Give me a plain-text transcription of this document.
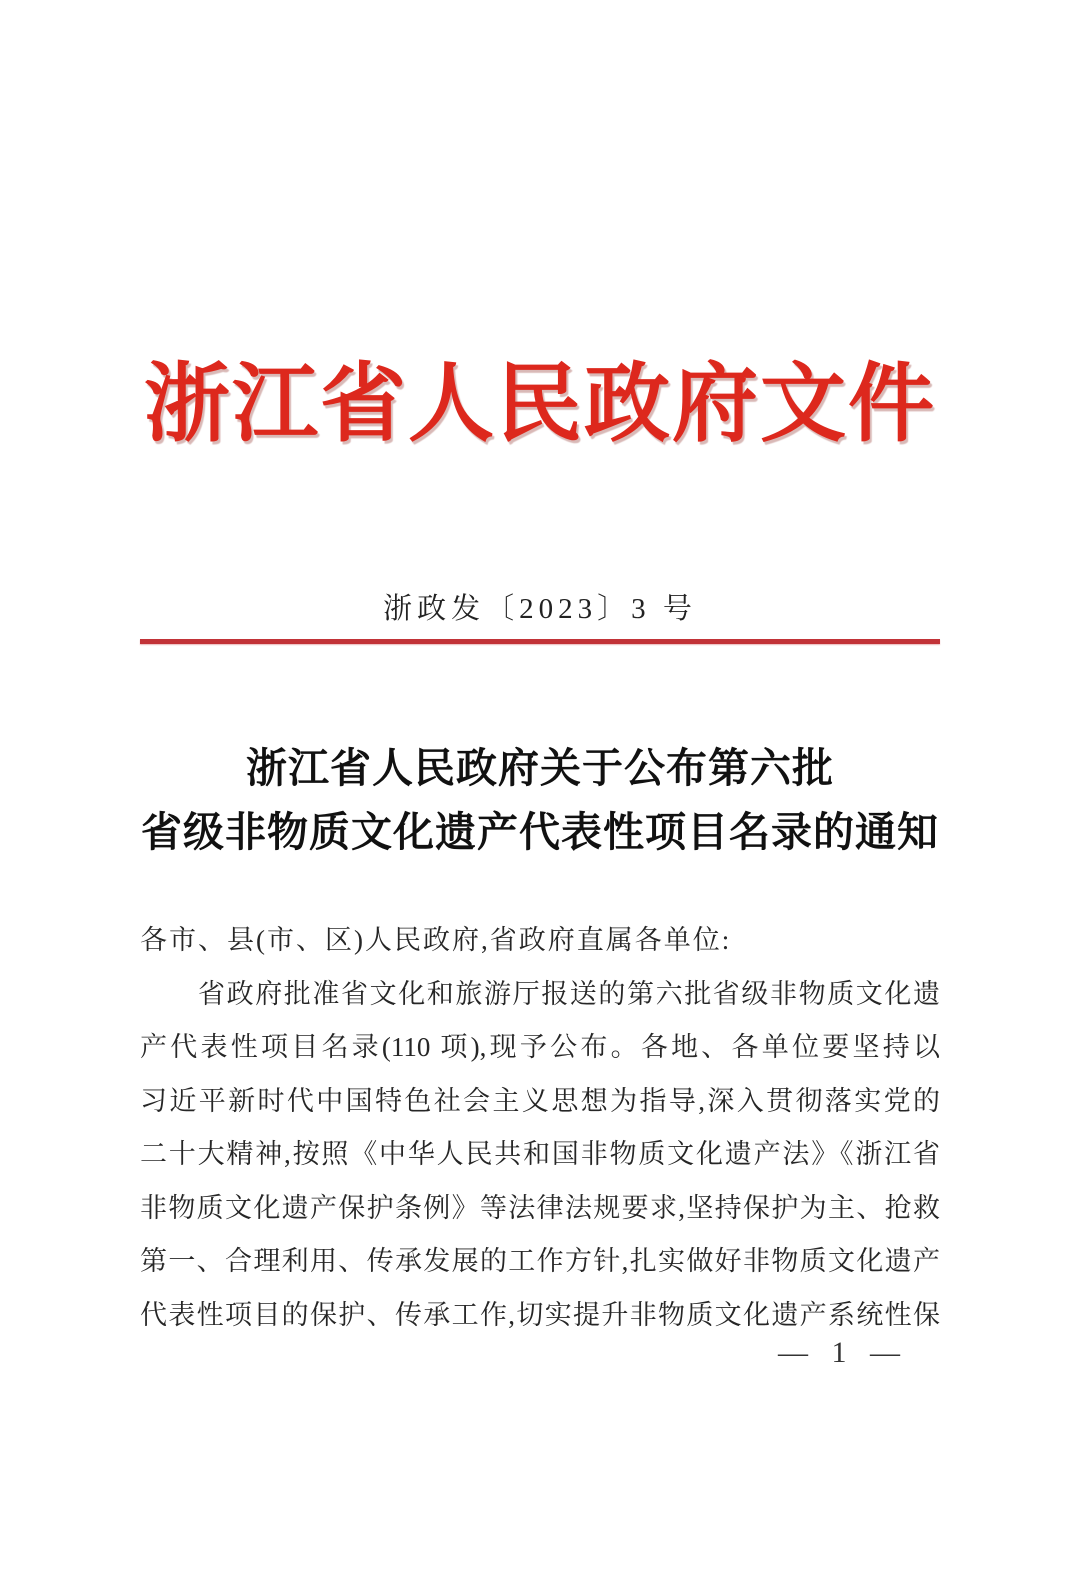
浙江省人民政府文件
浙政发〔2023〕3 号
浙江省人民政府关于公布第六批
省级非物质文化遗产代表性项目名录的通知
各市、县(市、区)人民政府,省政府直属各单位:
省政府批准省文化和旅游厅报送的第六批省级非物质文化遗
产代表性项目名录(110 项),现予公布。各地、各单位要坚持以
习近平新时代中国特色社会主义思想为指导,深入贯彻落实党的
二十大精神,按照《中华人民共和国非物质文化遗产法》《浙江省
非物质文化遗产保护条例》等法律法规要求,坚持保护为主、抢救
第一、合理利用、传承发展的工作方针,扎实做好非物质文化遗产
代表性项目的保护、传承工作,切实提升非物质文化遗产系统性保
— 1 —
